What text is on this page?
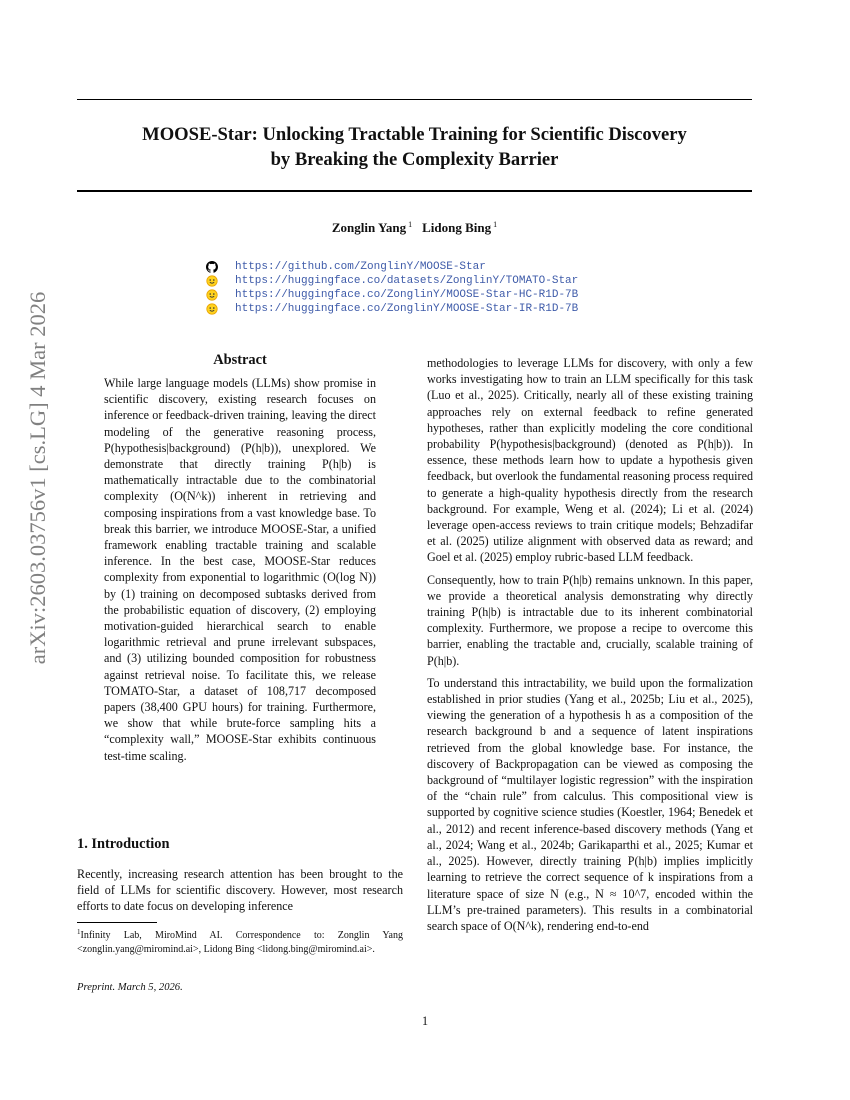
MOOSE-Star: Unlocking Tractable Training for Scientific Discovery
by Breaking the Complexity Barrier
Zonglin Yang $^1$ Lidong Bing $^1$
https://github.com/ZonglinY/MOOSE-Star
https://huggingface.co/datasets/ZonglinY/TOMATO-Star
https://huggingface.co/ZonglinY/MOOSE-Star-HC-R1D-7B
https://huggingface.co/ZonglinY/MOOSE-Star-IR-R1D-7B
arXiv:2603.03756v1 [cs.LG] 4 Mar 2026	Abstract

While large language models (LLMs) show promise in scientific discovery, existing research focuses on inference or feedback-driven training, leaving the direct modeling of the generative reasoning process, P(hypothesis|background) (P(h|b)), unexplored. We demonstrate that directly training P(h|b) is mathematically intractable due to the combinatorial complexity (O(N^k)) inherent in retrieving and composing inspirations from a vast knowledge base. To break this barrier, we introduce MOOSE-Star, a unified framework enabling tractable training and scalable inference. In the best case, MOOSE-Star reduces complexity from exponential to logarithmic (O(log N)) by (1) training on decomposed subtasks derived from the probabilistic equation of discovery, (2) employing motivation-guided hierarchical search to enable logarithmic retrieval and prune irrelevant subspaces, and (3) utilizing bounded composition for robustness against retrieval noise. To facilitate this, we release TOMATO-Star, a dataset of 108,717 decomposed papers (38,400 GPU hours) for training. Furthermore, we show that while brute-force sampling hits a “complexity wall,” MOOSE-Star exhibits continuous test-time scaling.

1. Introduction

Recently, increasing research attention has been brought to the field of LLMs for scientific discovery. However, most research efforts to date focus on developing inference

$^1$Infinity Lab, MiroMind AI. Correspondence to: Zonglin Yang <zonglin.yang@miromind.ai>, Lidong Bing <lidong.bing@miromind.ai>.
Preprint. March 5, 2026.

methodologies to leverage LLMs for discovery, with only a few works investigating how to train an LLM specifically for this task (Luo et al., 2025). Critically, nearly all of these existing training approaches rely on external feedback to refine generated hypotheses, rather than explicitly modeling the core conditional probability P(hypothesis|background) (denoted as P(h|b)). In essence, these methods learn how to update a hypothesis given feedback, but overlook the fundamental reasoning process required to generate a high-quality hypothesis directly from the research background. For example, Weng et al. (2024); Li et al. (2024) leverage open-access reviews to train critique models; Behzadifar et al. (2025) utilize alignment with observed data as reward; and Goel et al. (2025) employ rubric-based LLM feedback.

Consequently, how to train P(h|b) remains unknown. In this paper, we provide a theoretical analysis demonstrating why directly training P(h|b) is intractable due to its inherent combinatorial complexity. Furthermore, we propose a recipe to overcome this barrier, enabling the tractable and, crucially, scalable training of P(h|b).

To understand this intractability, we build upon the formalization established in prior studies (Yang et al., 2025b; Liu et al., 2025), viewing the generation of a hypothesis h as a composition of the research background b and a sequence of latent inspirations retrieved from the global knowledge base. For instance, the discovery of Backpropagation can be viewed as composing the background of “multilayer logistic regression” with the inspiration of the “chain rule” from calculus. This compositional view is supported by cognitive science studies (Koestler, 1964; Benedek et al., 2012) and recent inference-based discovery methods (Yang et al., 2024; Wang et al., 2024b; Garikaparthi et al., 2025; Kumar et al., 2025). However, directly training P(h|b) implies implicitly learning to retrieve the correct sequence of k inspirations from a literature space of size N (e.g., N ≈ 10^7, encoded within the LLM’s pre-trained parameters). This results in a combinatorial search space of O(N^k), rendering end-to-end

1
